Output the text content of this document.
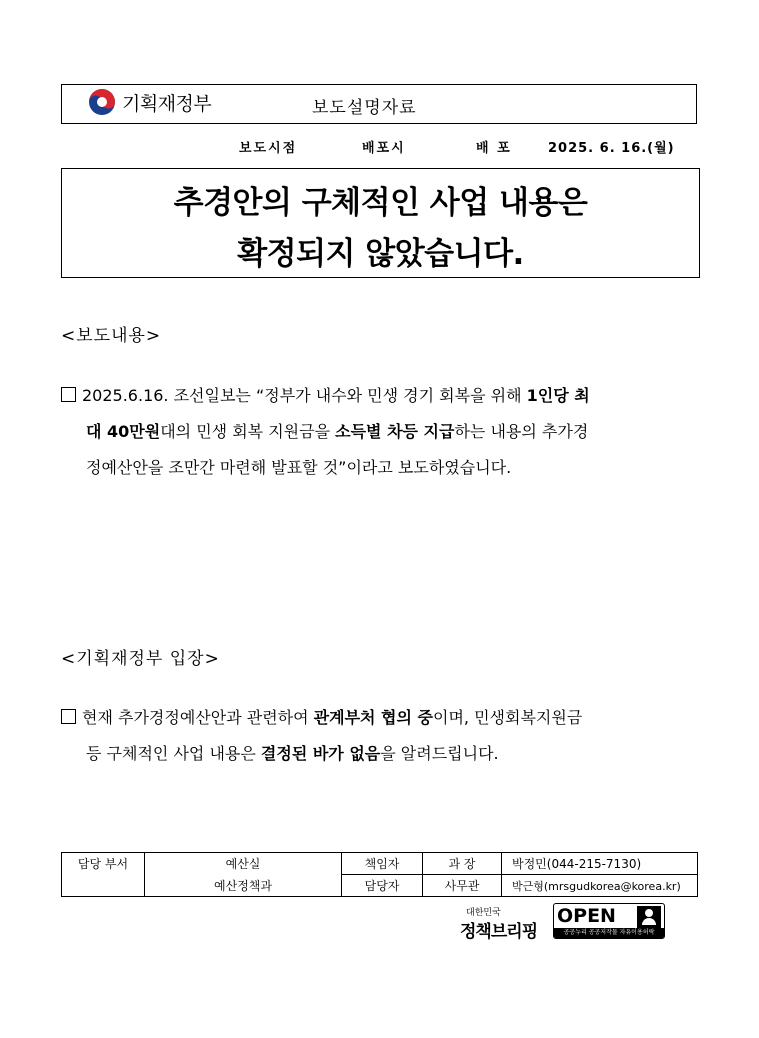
기획재정부	보도설명자료
보도시점	배포시	배 포	2025. 6. 16.(월)
추경안의 구체적인 사업 내용은
확정되지 않았습니다.
<보도내용>
2025.6.16. 조선일보는 “정부가 내수와 민생 경기 회복을 위해 1인당 최
대 40만원대의 민생 회복 지원금을 소득별 차등 지급하는 내용의 추가경
정예산안을 조만간 마련해 발표할 것”이라고 보도하였습니다.
<기획재정부 입장>
현재 추가경정예산안과 관련하여 관계부처 협의 중이며, 민생회복지원금
등 구체적인 사업 내용은 결정된 바가 없음을 알려드립니다.
담당 부서	예산실	책임자	과 장	박정민(044-215-7130)
	예산정책과	담당자	사무관	박근형(mrsgudkorea@korea.kr)
대한민국
정책브리핑
OPEN
공공누리 공공저작물 자유이용허락
